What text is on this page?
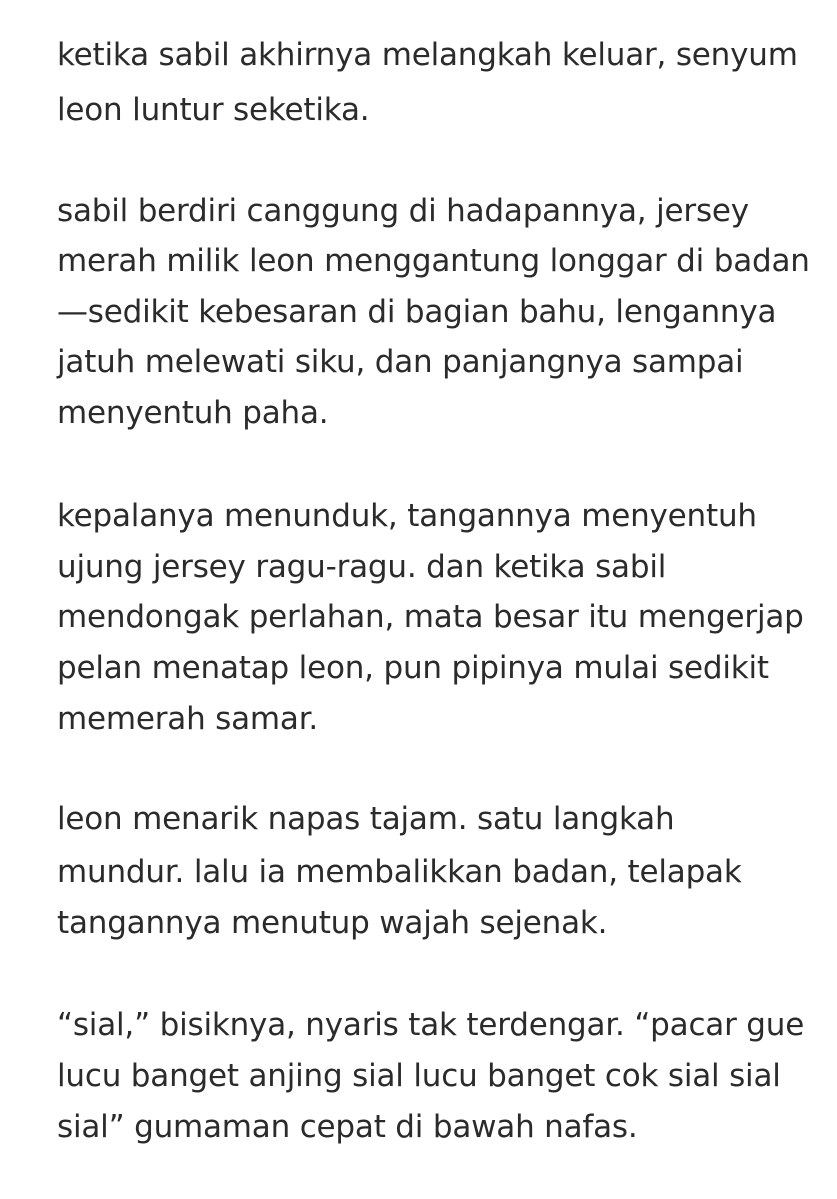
ketika sabil akhirnya melangkah keluar, senyum
leon luntur seketika.
sabil berdiri canggung di hadapannya, jersey
merah milik leon menggantung longgar di badan
—sedikit kebesaran di bagian bahu, lengannya
jatuh melewati siku, dan panjangnya sampai
menyentuh paha.
kepalanya menunduk, tangannya menyentuh
ujung jersey ragu-ragu. dan ketika sabil
mendongak perlahan, mata besar itu mengerjap
pelan menatap leon, pun pipinya mulai sedikit
memerah samar.
leon menarik napas tajam. satu langkah
mundur. lalu ia membalikkan badan, telapak
tangannya menutup wajah sejenak.
“sial,” bisiknya, nyaris tak terdengar. “pacar gue
lucu banget anjing sial lucu banget cok sial sial
sial” gumaman cepat di bawah nafas.
